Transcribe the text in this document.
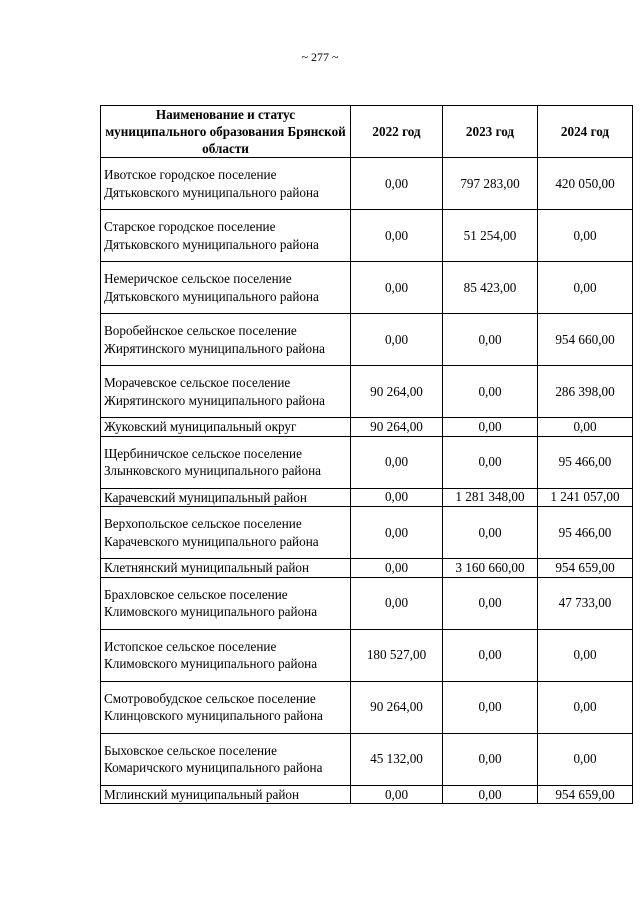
~ 277 ~
Наименование и статус муниципального образования Брянской области	2022 год	2023 год	2024 год
Ивотское городское поселение Дятьковского муниципального района	0,00	797 283,00	420 050,00
Старское городское поселение Дятьковского муниципального района	0,00	51 254,00	0,00
Немеричское сельское поселение Дятьковского муниципального района	0,00	85 423,00	0,00
Воробейнское сельское поселение Жирятинского муниципального района	0,00	0,00	954 660,00
Морачевское сельское поселение Жирятинского муниципального района	90 264,00	0,00	286 398,00
Жуковский муниципальный округ	90 264,00	0,00	0,00
Щербиничское сельское поселение Злынковского муниципального района	0,00	0,00	95 466,00
Карачевский муниципальный район	0,00	1 281 348,00	1 241 057,00
Верхопольское сельское поселение Карачевского муниципального района	0,00	0,00	95 466,00
Клетнянский муниципальный район	0,00	3 160 660,00	954 659,00
Брахловское сельское поселение Климовского муниципального района	0,00	0,00	47 733,00
Истопское сельское поселение Климовского муниципального района	180 527,00	0,00	0,00
Смотровобудское сельское поселение Клинцовского муниципального района	90 264,00	0,00	0,00
Быховское сельское поселение Комаричского муниципального района	45 132,00	0,00	0,00
Мглинский муниципальный район	0,00	0,00	954 659,00
